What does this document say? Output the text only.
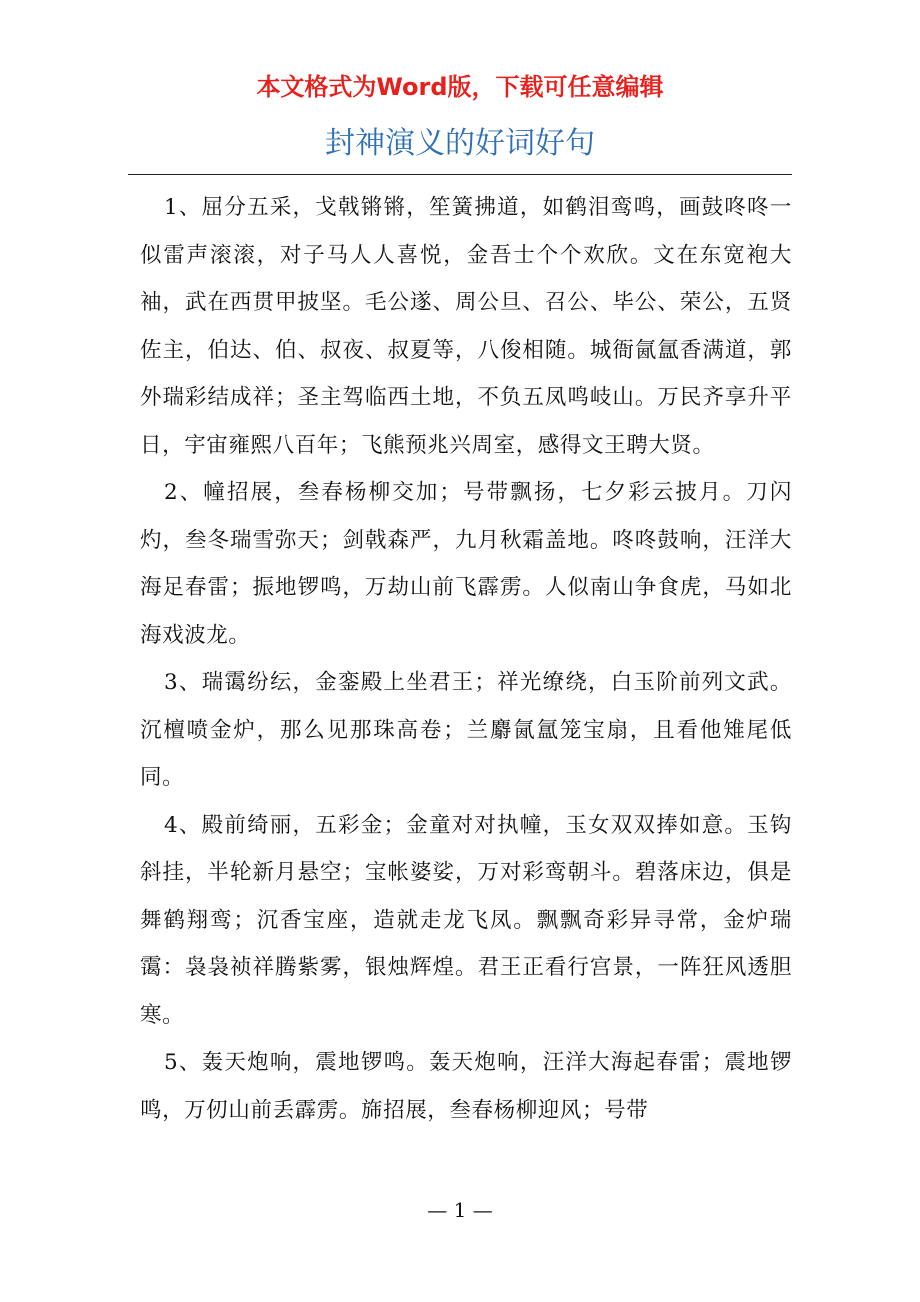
本文格式为Word版，下载可任意编辑
封神演义的好词好句

1、屈分五采，戈戟锵锵，笙簧拂道，如鹤泪鸾鸣，画鼓咚咚一似雷声滚滚，对子马人人喜悦，金吾士个个欢欣。文在东宽袍大袖，武在西贯甲披坚。毛公遂、周公旦、召公、毕公、荣公，五贤佐主，伯达、伯、叔夜、叔夏等，八俊相随。城衙氤氲香满道，郭外瑞彩结成祥；圣主驾临西土地，不负五凤鸣岐山。万民齐享升平日，宇宙雍熙八百年；飞熊预兆兴周室，感得文王聘大贤。

2、幢招展，叁春杨柳交加；号带飘扬，七夕彩云披月。刀闪灼，叁冬瑞雪弥天；剑戟森严，九月秋霜盖地。咚咚鼓响，汪洋大海足春雷；振地锣鸣，万劫山前飞霹雳。人似南山争食虎，马如北海戏波龙。

3、瑞霭纷纭，金銮殿上坐君王；祥光缭绕，白玉阶前列文武。沉檀喷金炉，那么见那珠高卷；兰麝氤氲笼宝扇，且看他雉尾低同。

4、殿前绮丽，五彩金；金童对对执幢，玉女双双捧如意。玉钩斜挂，半轮新月悬空；宝帐婆娑，万对彩鸾朝斗。碧落床边，俱是舞鹤翔鸾；沉香宝座，造就走龙飞凤。飘飘奇彩异寻常，金炉瑞霭：袅袅祯祥腾紫雾，银烛辉煌。君王正看行宫景，一阵狂风透胆寒。

5、轰天炮响，震地锣鸣。轰天炮响，汪洋大海起春雷；震地锣鸣，万仞山前丢霹雳。旆招展，叁春杨柳迎风；号带

— 1 —
